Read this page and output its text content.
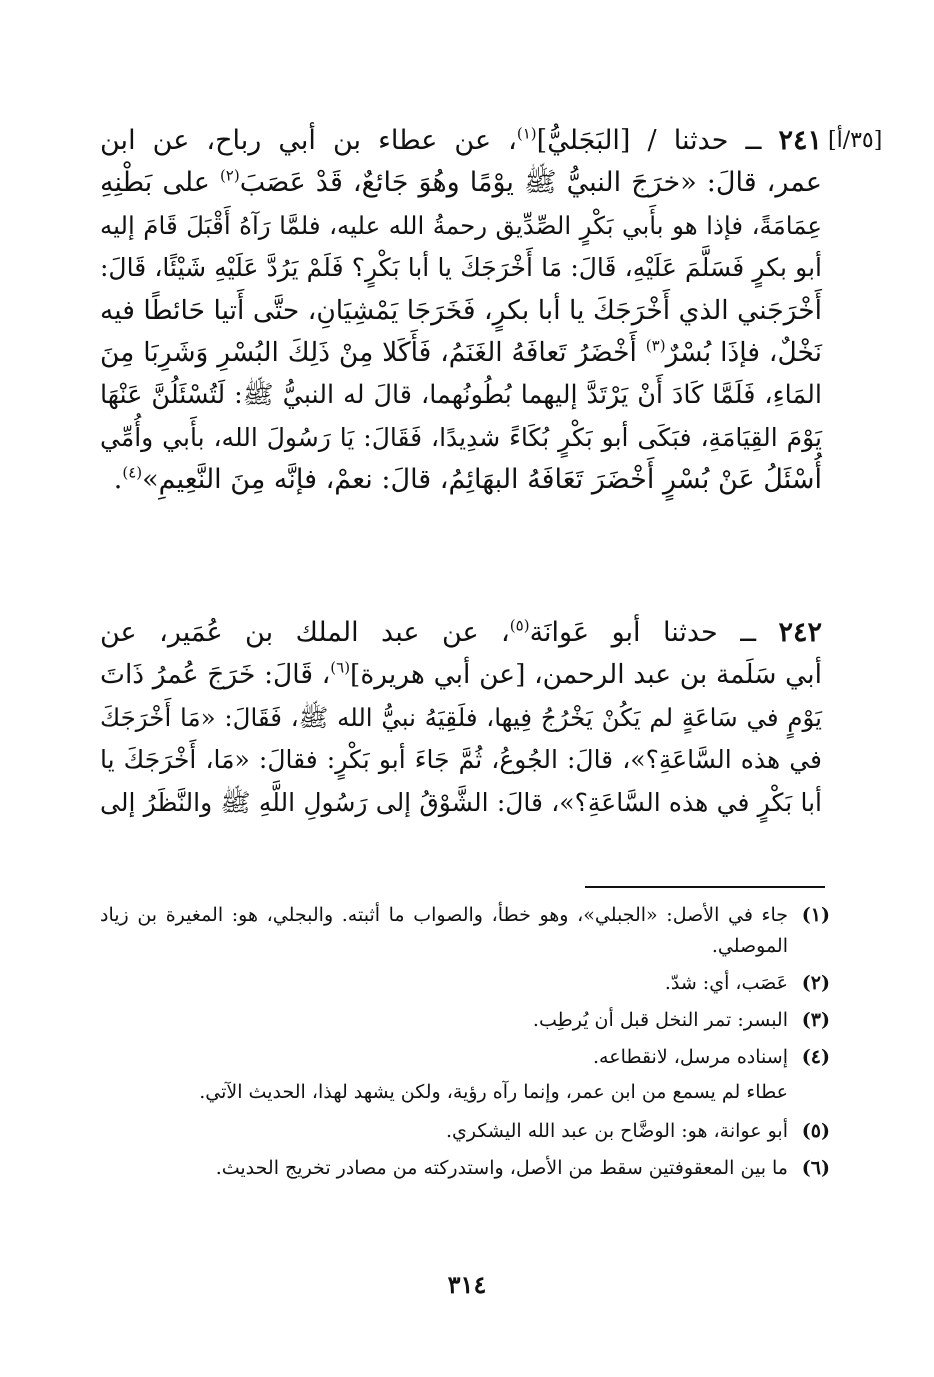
[٣٥/أ]

٢٤١ ــ حدثنا / [البَجَليُّ]$^{(١)}$، عن عطاء بن أبي رباح، عن ابن

عمر، قالَ: «خرَجَ النبيُّ ﷺ يوْمًا وهُوَ جَائعٌ، قَدْ عَصَبَ$^{(٢)}$ على بَطْنِهِ

عِمَامَةً، فإذا هو بأَبي بَكْرٍ الصِّدِّيق رحمةُ الله عليه، فلمَّا رَآهُ أَقْبَلَ قَامَ إليه

أبو بكرٍ فَسَلَّمَ عَلَيْهِ، قَالَ: مَا أَخْرَجَكَ يا أبا بَكْرٍ؟ فَلَمْ يَرُدَّ عَلَيْهِ شَيْئًا، قَالَ:

أَخْرَجَني الذي أَخْرَجَكَ يا أبا بكرٍ، فَخَرَجَا يَمْشِيَانِ، حتَّى أَتيا حَائطًا فيه

نَخْلٌ، فإذَا بُسْرٌ$^{(٣)}$ أَخْضَرُ تَعافَهُ الغَنَمُ، فَأَكَلا مِنْ ذَلِكَ البُسْرِ وَشَرِبَا مِنَ

المَاءِ، فَلَمَّا كَادَ أَنْ يَرْتَدَّ إليهما بُطُونُهما، قالَ له النبيُّ ﷺ: لَتُسْئَلُنَّ عَنْهَا

يَوْمَ القِيَامَةِ، فبَكَى أبو بَكْرٍ بُكَاءً شدِيدًا، فَقَالَ: يَا رَسُولَ الله، بأَبي وأُمِّي

أُسْئَلُ عَنْ بُسْرٍ أَخْضَرَ تَعَافَهُ البهَائِمُ، قالَ: نعمْ، فإنَّه مِنَ النَّعِيمِ»$^{(٤)}$.

٢٤٢ ــ حدثنا أبو عَوانَة$^{(٥)}$، عن عبد الملك بن عُمَير، عن

أبي سَلَمة بن عبد الرحمن، [عن أبي هريرة]$^{(٦)}$، قَالَ: خَرَجَ عُمرُ ذَاتَ

يَوْمٍ في سَاعَةٍ لم يَكُنْ يَخْرُجُ فِيها، فلَقِيَهُ نبيُّ الله ﷺ، فَقَالَ: «مَا أَخْرَجَكَ

في هذه السَّاعَةِ؟»، قالَ: الجُوعُ، ثُمَّ جَاءَ أبو بَكْرٍ: فقالَ: «مَا، أَخْرَجَكَ يا

أبا بَكْرٍ في هذه السَّاعَةِ؟»، قالَ: الشَّوْقُ إلى رَسُولِ اللَّهِ ﷺ والنَّظَرُ إلى

(١)
جاء في الأصل: «الجبلي»، وهو خطأ، والصواب ما أثبته. والبجلي، هو: المغيرة بن زياد الموصلي.
(٢)
عَصَب، أي: شدّ.
(٣)
البسر: تمر النخل قبل أن يُرطِب.
(٤)
إسناده مرسل، لانقطاعه.
عطاء لم يسمع من ابن عمر، وإنما رآه رؤية، ولكن يشهد لهذا، الحديث الآتي.
(٥)
أبو عوانة، هو: الوضَّاح بن عبد الله اليشكري.
(٦)
ما بين المعقوفتين سقط من الأصل، واستدركته من مصادر تخريج الحديث.
٣١٤
